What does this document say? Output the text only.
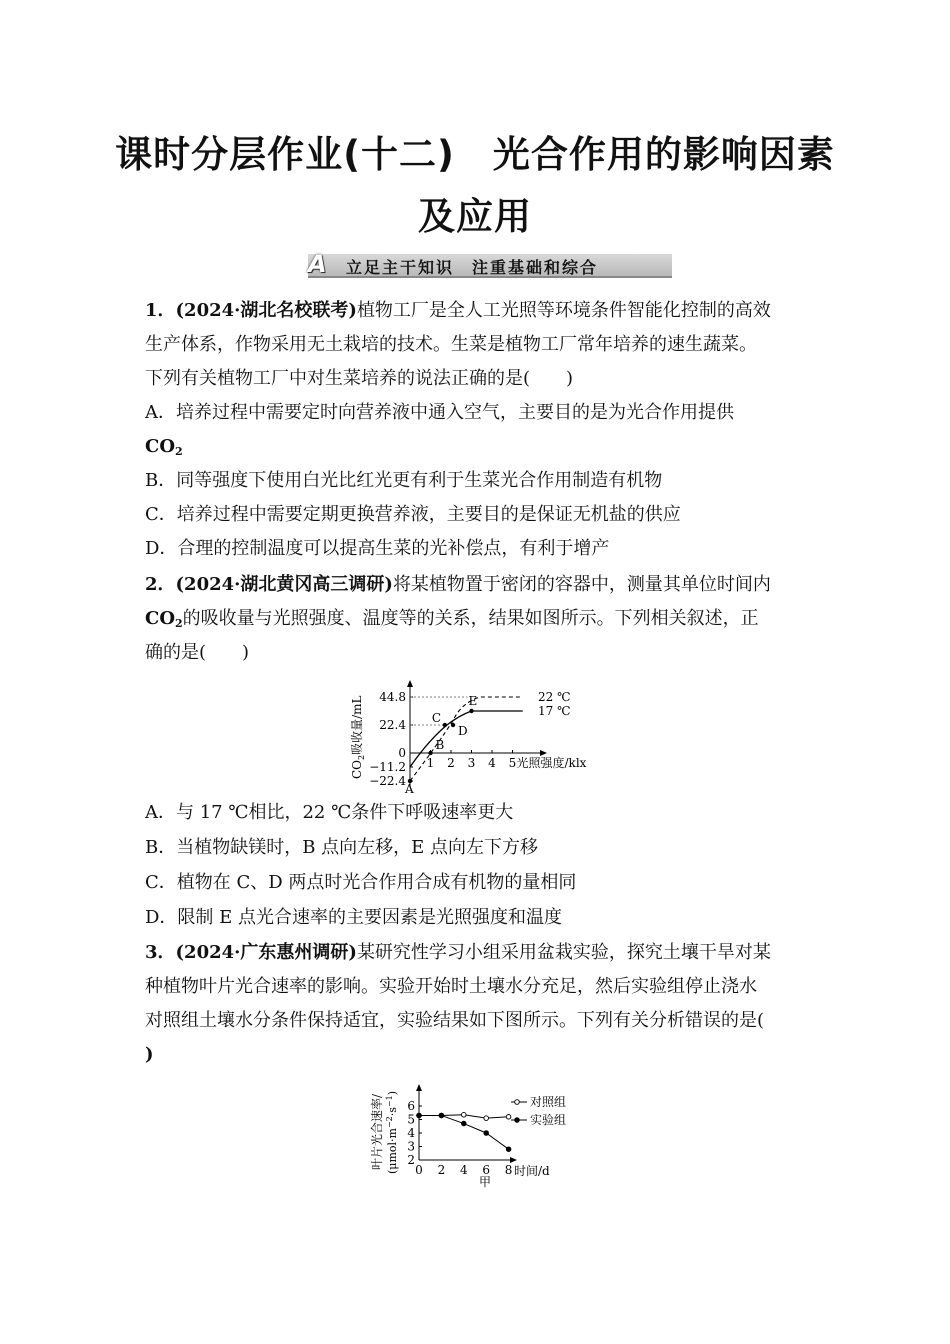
课时分层作业(十二)　光合作用的影响因素
及应用
A	立足主干知识　注重基础和综合
1．(2024·湖北名校联考)植物工厂是全人工光照等环境条件智能化控制的高效
生产体系，作物采用无土栽培的技术。生菜是植物工厂常年培养的速生蔬菜。
下列有关植物工厂中对生菜培养的说法正确的是(　　)
A．培养过程中需要定时向营养液中通入空气，主要目的是为光合作用提供
$CO_2$
B．同等强度下使用白光比红光更有利于生菜光合作用制造有机物
C．培养过程中需要定期更换营养液，主要目的是保证无机盐的供应
D．合理的控制温度可以提高生菜的光补偿点，有利于增产
2．(2024·湖北黄冈高三调研)将某植物置于密闭的容器中，测量其单位时间内
$CO_2$的吸收量与光照强度、温度等的关系，结果如图所示。下列相关叙述，正
确的是(　　)
44.8
22.4
0
−11.2
−22.4
1 2 3 4 5 光照强度/klx
$CO_2$吸收量/mL	22 ℃
17 ℃
A
B
C
D
E
A．与 17 ℃相比，22 ℃条件下呼吸速率更大
B．当植物缺镁时，B 点向左移，E 点向左下方移
C．植物在 C、D 两点时光合作用合成有机物的量相同
D．限制 E 点光合速率的主要因素是光照强度和温度
3．(2024·广东惠州调研)某研究性学习小组采用盆栽实验，探究土壤干旱对某
种植物叶片光合速率的影响。实验开始时土壤水分充足，然后实验组停止浇水
对照组土壤水分条件保持适宜，实验结果如下图所示。下列有关分析错误的是(
)
6
5
4
3
2
0 2 4 6 8 时间/d
甲
叶片光合速率/ $(\mu mol\cdot m^{-2}\cdot s^{-1})$
对照组
实验组
